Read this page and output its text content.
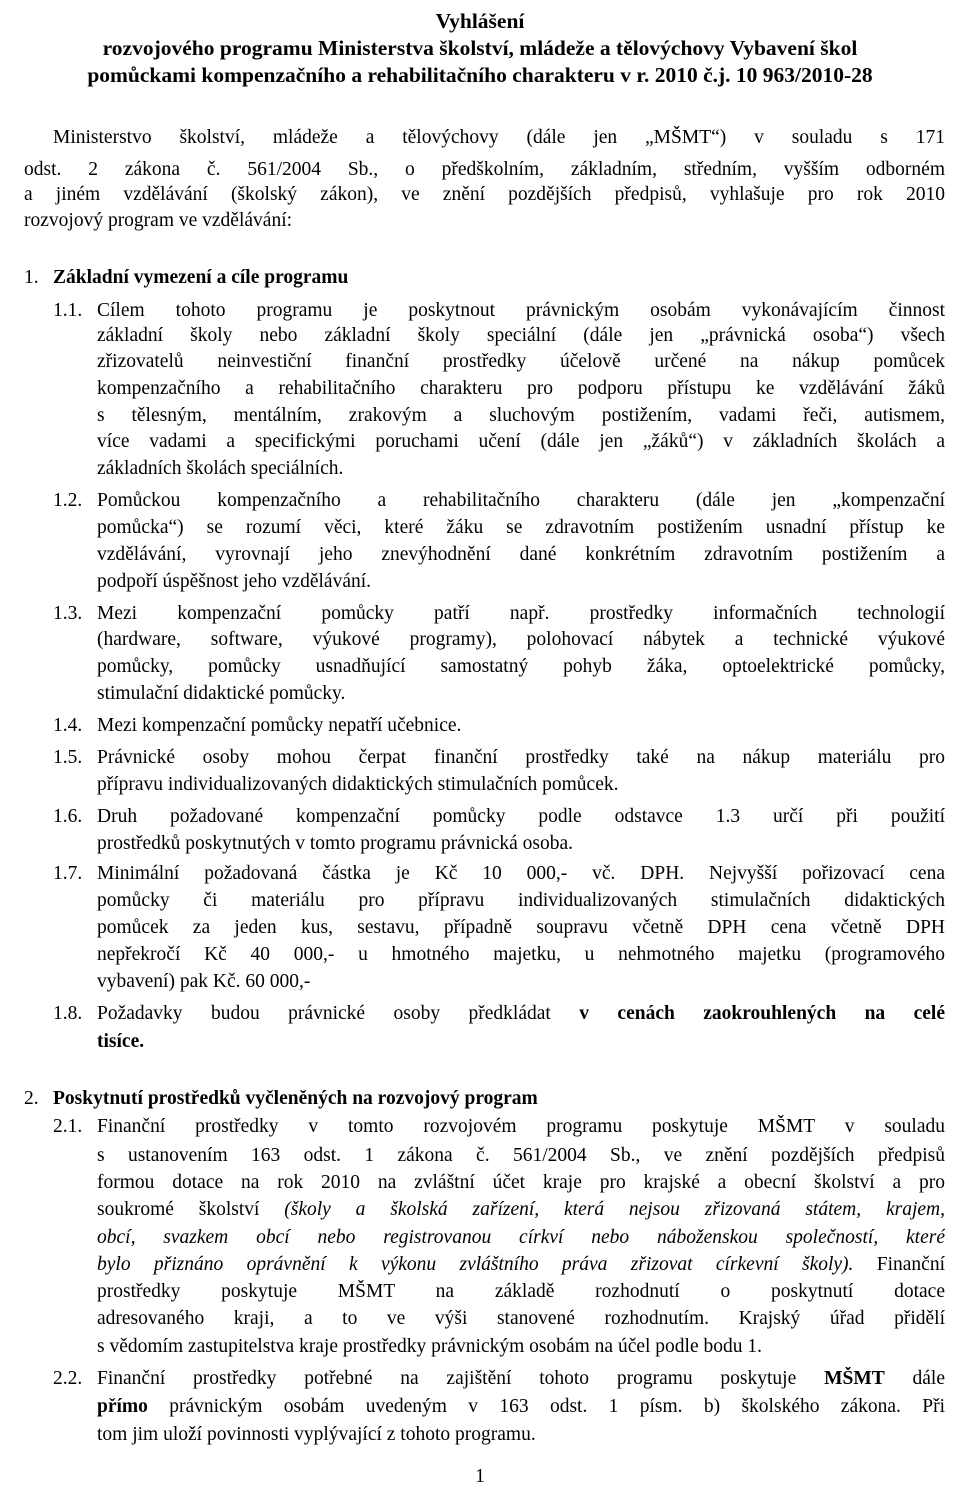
Vyhlášení
rozvojového programu Ministerstva školství, mládeže a tělovýchovy Vybavení škol
pomůckami kompenzačního a rehabilitačního charakteru v r. 2010 č.j. 10 963/2010-28
Ministerstvo školství, mládeže a tělovýchovy (dále jen „MŠMT“) v souladu s 171
odst. 2 zákona č. 561/2004 Sb., o předškolním, základním, středním, vyšším odborném
a jiném vzdělávání (školský zákon), ve znění pozdějších předpisů, vyhlašuje pro rok 2010
rozvojový program ve vzdělávání:
1. Základní vymezení a cíle programu
1.1. Cílem tohoto programu je poskytnout právnickým osobám vykonávajícím činnost
základní školy nebo základní školy speciální (dále jen „právnická osoba“) všech
zřizovatelů neinvestiční finanční prostředky účelově určené na nákup pomůcek
kompenzačního a rehabilitačního charakteru pro podporu přístupu ke vzdělávání žáků
s tělesným, mentálním, zrakovým a sluchovým postižením, vadami řeči, autismem,
více vadami a specifickými poruchami učení (dále jen „žáků“) v základních školách a
základních školách speciálních.
1.2. Pomůckou kompenzačního a rehabilitačního charakteru (dále jen „kompenzační
pomůcka“) se rozumí věci, které žáku se zdravotním postižením usnadní přístup ke
vzdělávání, vyrovnají jeho znevýhodnění dané konkrétním zdravotním postižením a
podpoří úspěšnost jeho vzdělávání.
1.3. Mezi kompenzační pomůcky patří např. prostředky informačních technologií
(hardware, software, výukové programy), polohovací nábytek a technické výukové
pomůcky, pomůcky usnadňující samostatný pohyb žáka, optoelektrické pomůcky,
stimulační didaktické pomůcky.
1.4. Mezi kompenzační pomůcky nepatří učebnice.
1.5. Právnické osoby mohou čerpat finanční prostředky také na nákup materiálu pro
přípravu individualizovaných didaktických stimulačních pomůcek.
1.6. Druh požadované kompenzační pomůcky podle odstavce 1.3 určí při použití
prostředků poskytnutých v tomto programu právnická osoba.
1.7. Minimální požadovaná částka je Kč 10 000,- vč. DPH. Nejvyšší pořizovací cena
pomůcky či materiálu pro přípravu individualizovaných stimulačních didaktických
pomůcek za jeden kus, sestavu, případně soupravu včetně DPH cena včetně DPH
nepřekročí Kč 40 000,- u hmotného majetku, u nehmotného majetku (programového
vybavení) pak Kč. 60 000,-
1.8. Požadavky budou právnické osoby předkládat v cenách zaokrouhlených na celé
tisíce.
2. Poskytnutí prostředků vyčleněných na rozvojový program
2.1. Finanční prostředky v tomto rozvojovém programu poskytuje MŠMT v souladu
s ustanovením 163 odst. 1 zákona č. 561/2004 Sb., ve znění pozdějších předpisů
formou dotace na rok 2010 na zvláštní účet kraje pro krajské a obecní školství a pro
soukromé školství (školy a školská zařízení, která nejsou zřizovaná státem, krajem,
obcí, svazkem obcí nebo registrovanou církví nebo náboženskou společností, které
bylo přiznáno oprávnění k výkonu zvláštního práva zřizovat církevní školy). Finanční
prostředky poskytuje MŠMT na základě rozhodnutí o poskytnutí dotace
adresovaného kraji, a to ve výši stanovené rozhodnutím. Krajský úřad přidělí
s vědomím zastupitelstva kraje prostředky právnickým osobám na účel podle bodu 1.
2.2. Finanční prostředky potřebné na zajištění tohoto programu poskytuje MŠMT dále
přímo právnickým osobám uvedeným v 163 odst. 1 písm. b) školského zákona. Při
tom jim uloží povinnosti vyplývající z tohoto programu.
1
